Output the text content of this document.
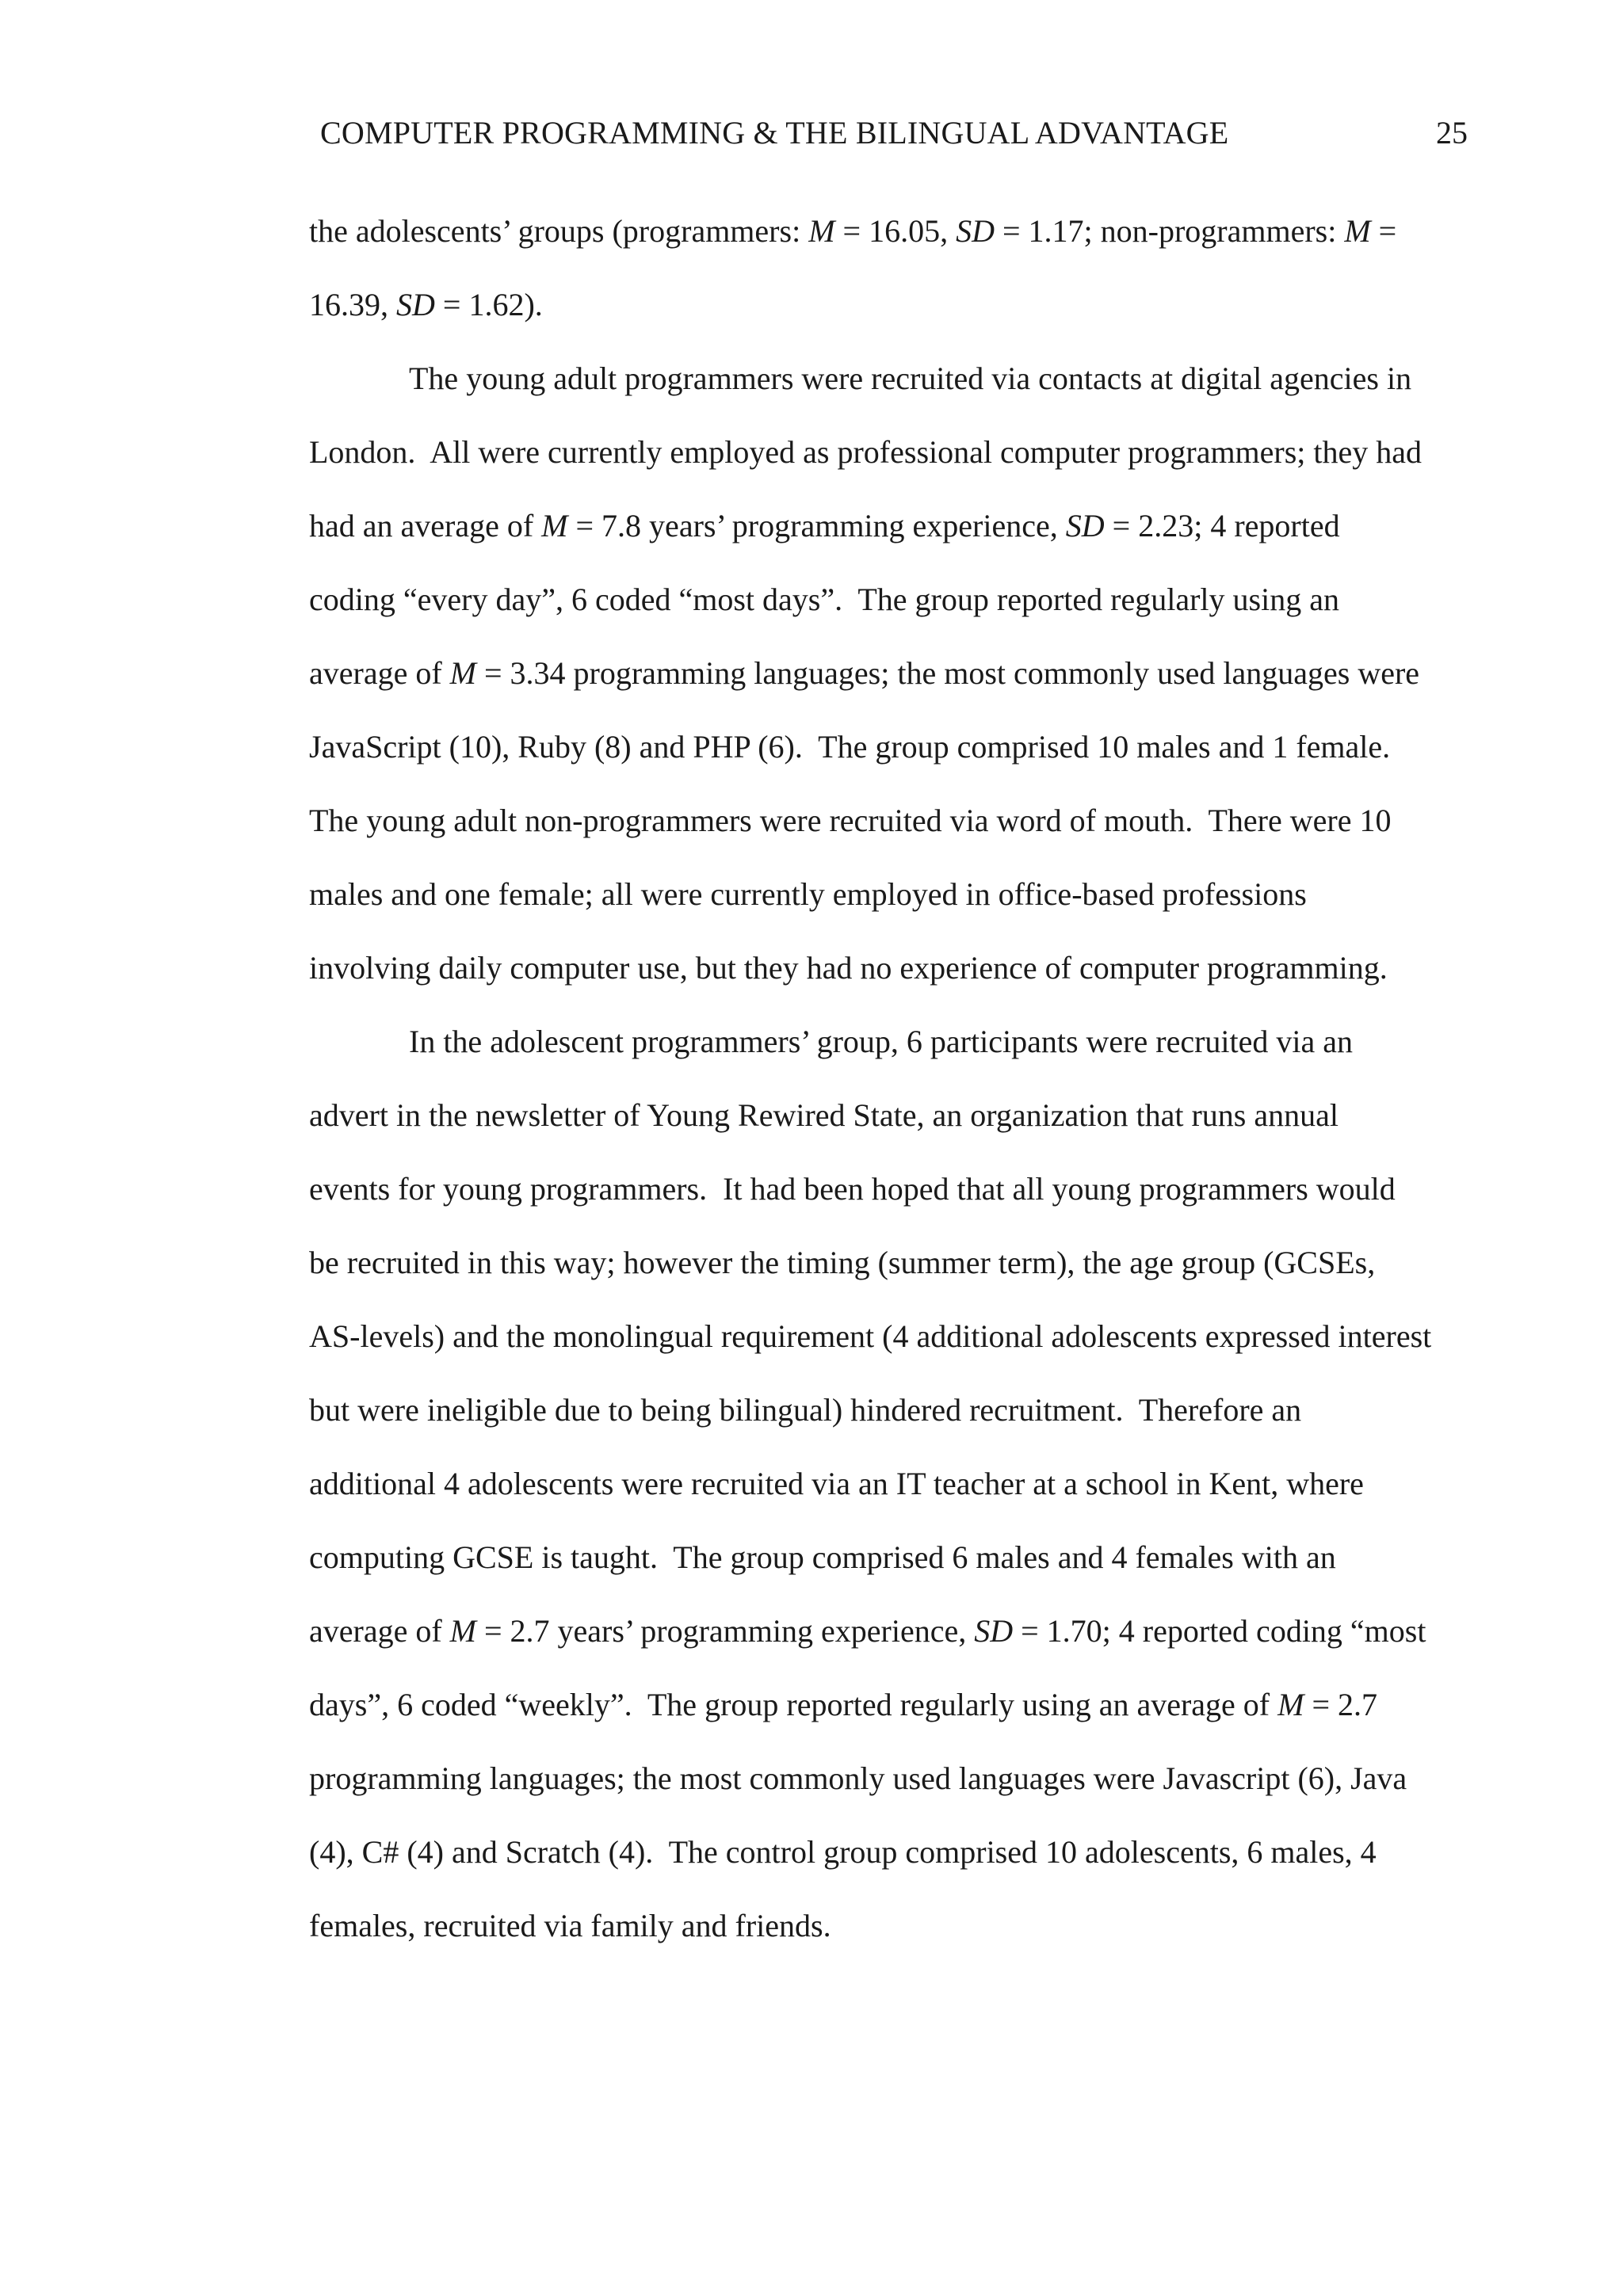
COMPUTER PROGRAMMING & THE BILINGUAL ADVANTAGE	25
the adolescents’ groups (programmers: M = 16.05, SD = 1.17; non-programmers: M =
16.39, SD = 1.62).
The young adult programmers were recruited via contacts at digital agencies in
London.  All were currently employed as professional computer programmers; they had
had an average of M = 7.8 years’ programming experience, SD = 2.23; 4 reported
coding “every day”, 6 coded “most days”.  The group reported regularly using an
average of M = 3.34 programming languages; the most commonly used languages were
JavaScript (10), Ruby (8) and PHP (6).  The group comprised 10 males and 1 female.
The young adult non-programmers were recruited via word of mouth.  There were 10
males and one female; all were currently employed in office-based professions
involving daily computer use, but they had no experience of computer programming.
In the adolescent programmers’ group, 6 participants were recruited via an
advert in the newsletter of Young Rewired State, an organization that runs annual
events for young programmers.  It had been hoped that all young programmers would
be recruited in this way; however the timing (summer term), the age group (GCSEs,
AS-levels) and the monolingual requirement (4 additional adolescents expressed interest
but were ineligible due to being bilingual) hindered recruitment.  Therefore an
additional 4 adolescents were recruited via an IT teacher at a school in Kent, where
computing GCSE is taught.  The group comprised 6 males and 4 females with an
average of M = 2.7 years’ programming experience, SD = 1.70; 4 reported coding “most
days”, 6 coded “weekly”.  The group reported regularly using an average of M = 2.7
programming languages; the most commonly used languages were Javascript (6), Java
(4), C# (4) and Scratch (4).  The control group comprised 10 adolescents, 6 males, 4
females, recruited via family and friends.
